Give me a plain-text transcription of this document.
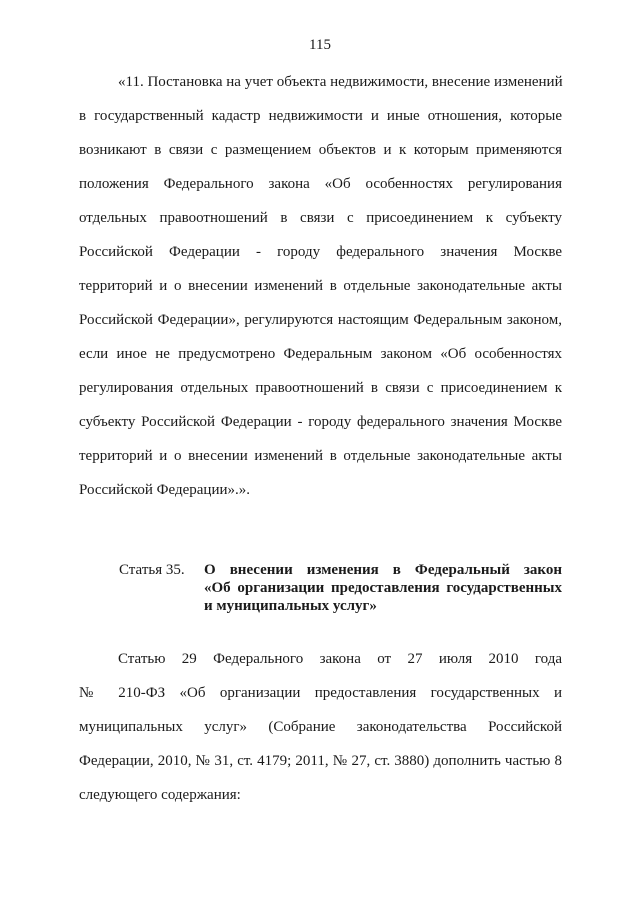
115
«11. Постановка на учет объекта недвижимости, внесение изменений
в государственный кадастр недвижимости и иные отношения, которые
возникают в связи с размещением объектов и к которым применяются
положения Федерального закона «Об особенностях регулирования
отдельных правоотношений в связи с присоединением к субъекту
Российской Федерации - городу федерального значения Москве
территорий и о внесении изменений в отдельные законодательные акты
Российской Федерации», регулируются настоящим Федеральным законом,
если иное не предусмотрено Федеральным законом «Об особенностях
регулирования отдельных правоотношений в связи с присоединением к
субъекту Российской Федерации - городу федерального значения Москве
территорий и о внесении изменений в отдельные законодательные акты
Российской Федерации».».
Статья 35. О внесении изменения в Федеральный закон
«Об организации предоставления государственных
и муниципальных услуг»
Статью 29 Федерального закона от 27 июля 2010 года
№ 210-ФЗ «Об организации предоставления государственных и
муниципальных услуг» (Собрание законодательства Российской
Федерации, 2010, № 31, ст. 4179; 2011, № 27, ст. 3880) дополнить частью 8
следующего содержания:
